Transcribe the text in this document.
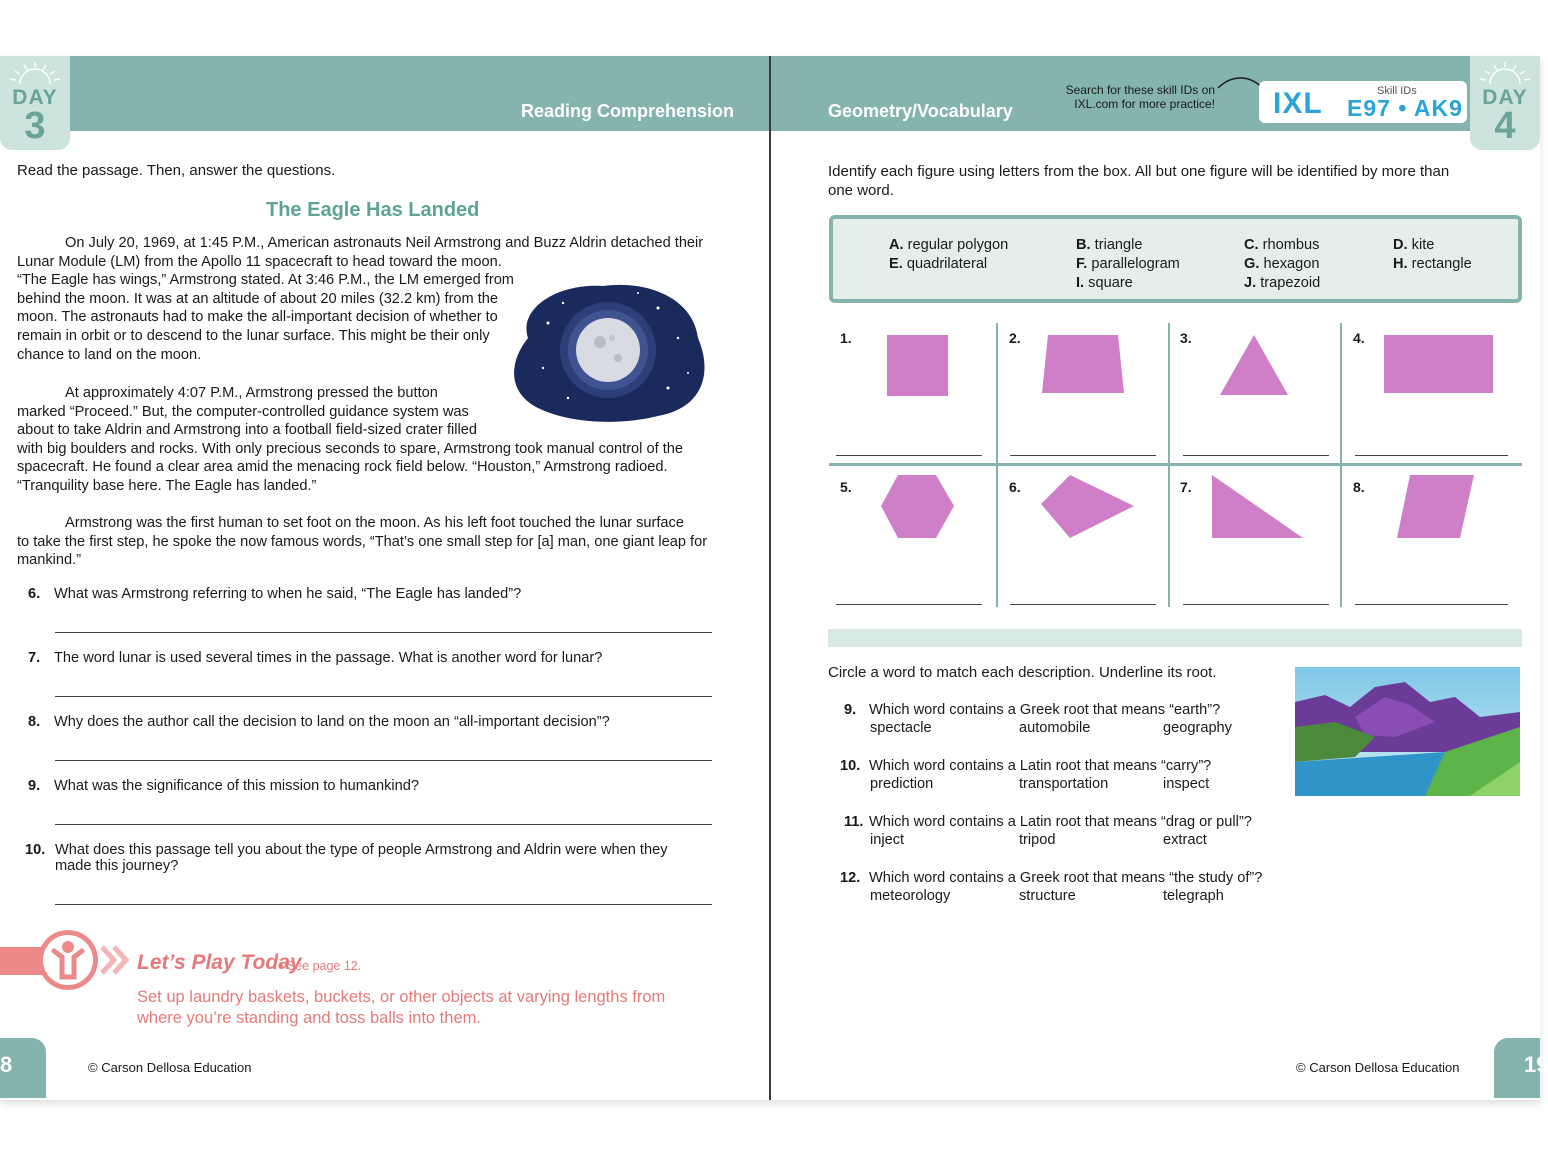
DAY
3
DAY
4
Reading Comprehension	Geometry/Vocabulary
Search for these skill IDs on IXL.com for more practice! IXL	Skill IDs
E97 • AK9
Read the passage. Then, answer the questions.
The Eagle Has Landed
On July 20, 1969, at 1:45 P.M., American astronauts Neil Armstrong and Buzz Aldrin detached their
Lunar Module (LM) from the Apollo 11 spacecraft to head toward the moon.
“The Eagle has wings,” Armstrong stated. At 3:46 P.M., the LM emerged from
behind the moon. It was at an altitude of about 20 miles (32.2 km) from the
moon. The astronauts had to make the all-important decision of whether to
remain in orbit or to descend to the lunar surface. This might be their only
chance to land on the moon.
At approximately 4:07 P.M., Armstrong pressed the button
marked “Proceed.” But, the computer-controlled guidance system was
about to take Aldrin and Armstrong into a football field-sized crater filled
with big boulders and rocks. With only precious seconds to spare, Armstrong took manual control of the
spacecraft. He found a clear area amid the menacing rock field below. “Houston,” Armstrong radioed.
“Tranquility base here. The Eagle has landed.”
Armstrong was the first human to set foot on the moon. As his left foot touched the lunar surface
to take the first step, he spoke the now famous words, “That’s one small step for [a] man, one giant leap for
mankind.”
6. What was Armstrong referring to when he said, “The Eagle has landed”?
7. The word lunar is used several times in the passage. What is another word for lunar?
8. Why does the author call the decision to land on the moon an “all-important decision”?
9. What was the significance of this mission to humankind?
10. What does this passage tell you about the type of people Armstrong and Aldrin were when they made this journey?
Let’s Play Today
• See page 12.
Set up laundry baskets, buckets, or other objects at varying lengths from where you’re standing and toss balls into them.
8	© Carson Dellosa Education
Identify each figure using letters from the box. All but one figure will be identified by more than one word.
A. regular polygon	B. triangle	C. rhombus	D. kite
E. quadrilateral	F. parallelogram	G. hexagon	H. rectangle
I. square	J. trapezoid
1.	2.	3.	4.
5.	6.	7.	8.
Circle a word to match each description. Underline its root.
9. Which word contains a Greek root that means “earth”?
spectacle	automobile	geography
10. Which word contains a Latin root that means “carry”?
prediction	transportation	inspect
11. Which word contains a Latin root that means “drag or pull”?
inject	tripod	extract
12. Which word contains a Greek root that means “the study of”?
meteorology	structure	telegraph
19
© Carson Dellosa Education
